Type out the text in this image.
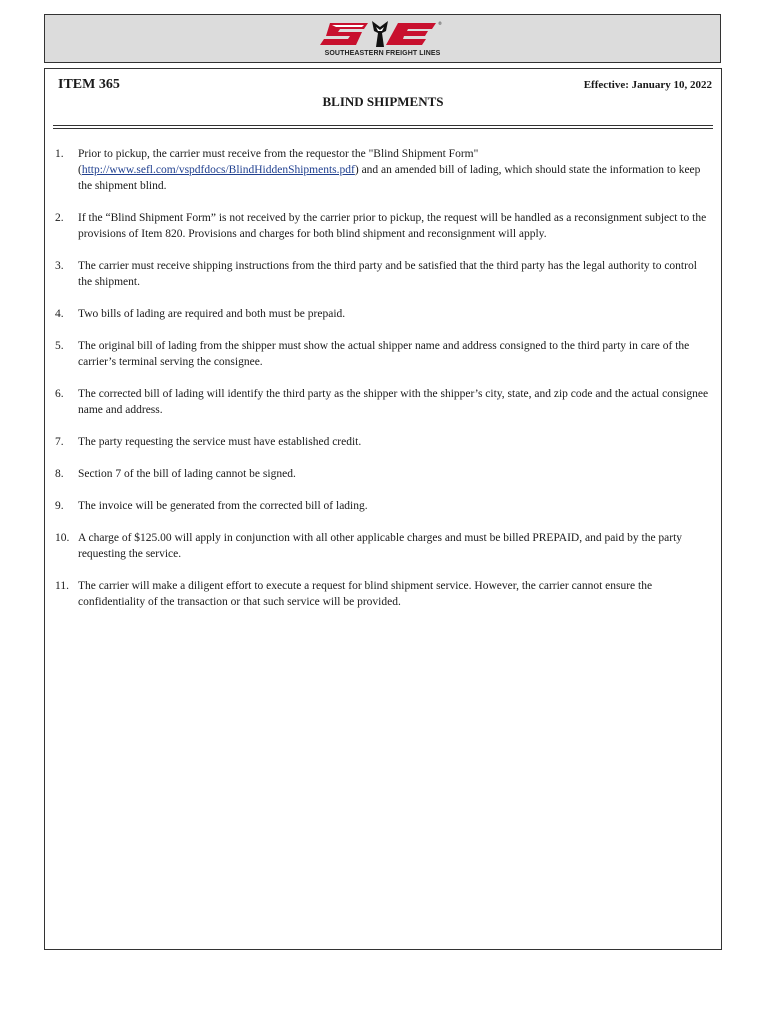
®
SOUTHEASTERN FREIGHT LINES
ITEM 365	Effective: January 10, 2022
BLIND SHIPMENTS
1. Prior to pickup, the carrier must receive from the requestor the "Blind Shipment Form" (http://www.sefl.com/vspdfdocs/BlindHiddenShipments.pdf) and an amended bill of lading, which should state the information to keep the shipment blind.
2. If the “Blind Shipment Form” is not received by the carrier prior to pickup, the request will be handled as a reconsignment subject to the provisions of Item 820. Provisions and charges for both blind shipment and reconsignment will apply.
3. The carrier must receive shipping instructions from the third party and be satisfied that the third party has the legal authority to control the shipment.
4. Two bills of lading are required and both must be prepaid.
5. The original bill of lading from the shipper must show the actual shipper name and address consigned to the third party in care of the carrier’s terminal serving the consignee.
6. The corrected bill of lading will identify the third party as the shipper with the shipper’s city, state, and zip code and the actual consignee name and address.
7. The party requesting the service must have established credit.
8. Section 7 of the bill of lading cannot be signed.
9. The invoice will be generated from the corrected bill of lading.
10. A charge of $125.00 will apply in conjunction with all other applicable charges and must be billed PREPAID, and paid by the party requesting the service.
11. The carrier will make a diligent effort to execute a request for blind shipment service. However, the carrier cannot ensure the confidentiality of the transaction or that such service will be provided.
